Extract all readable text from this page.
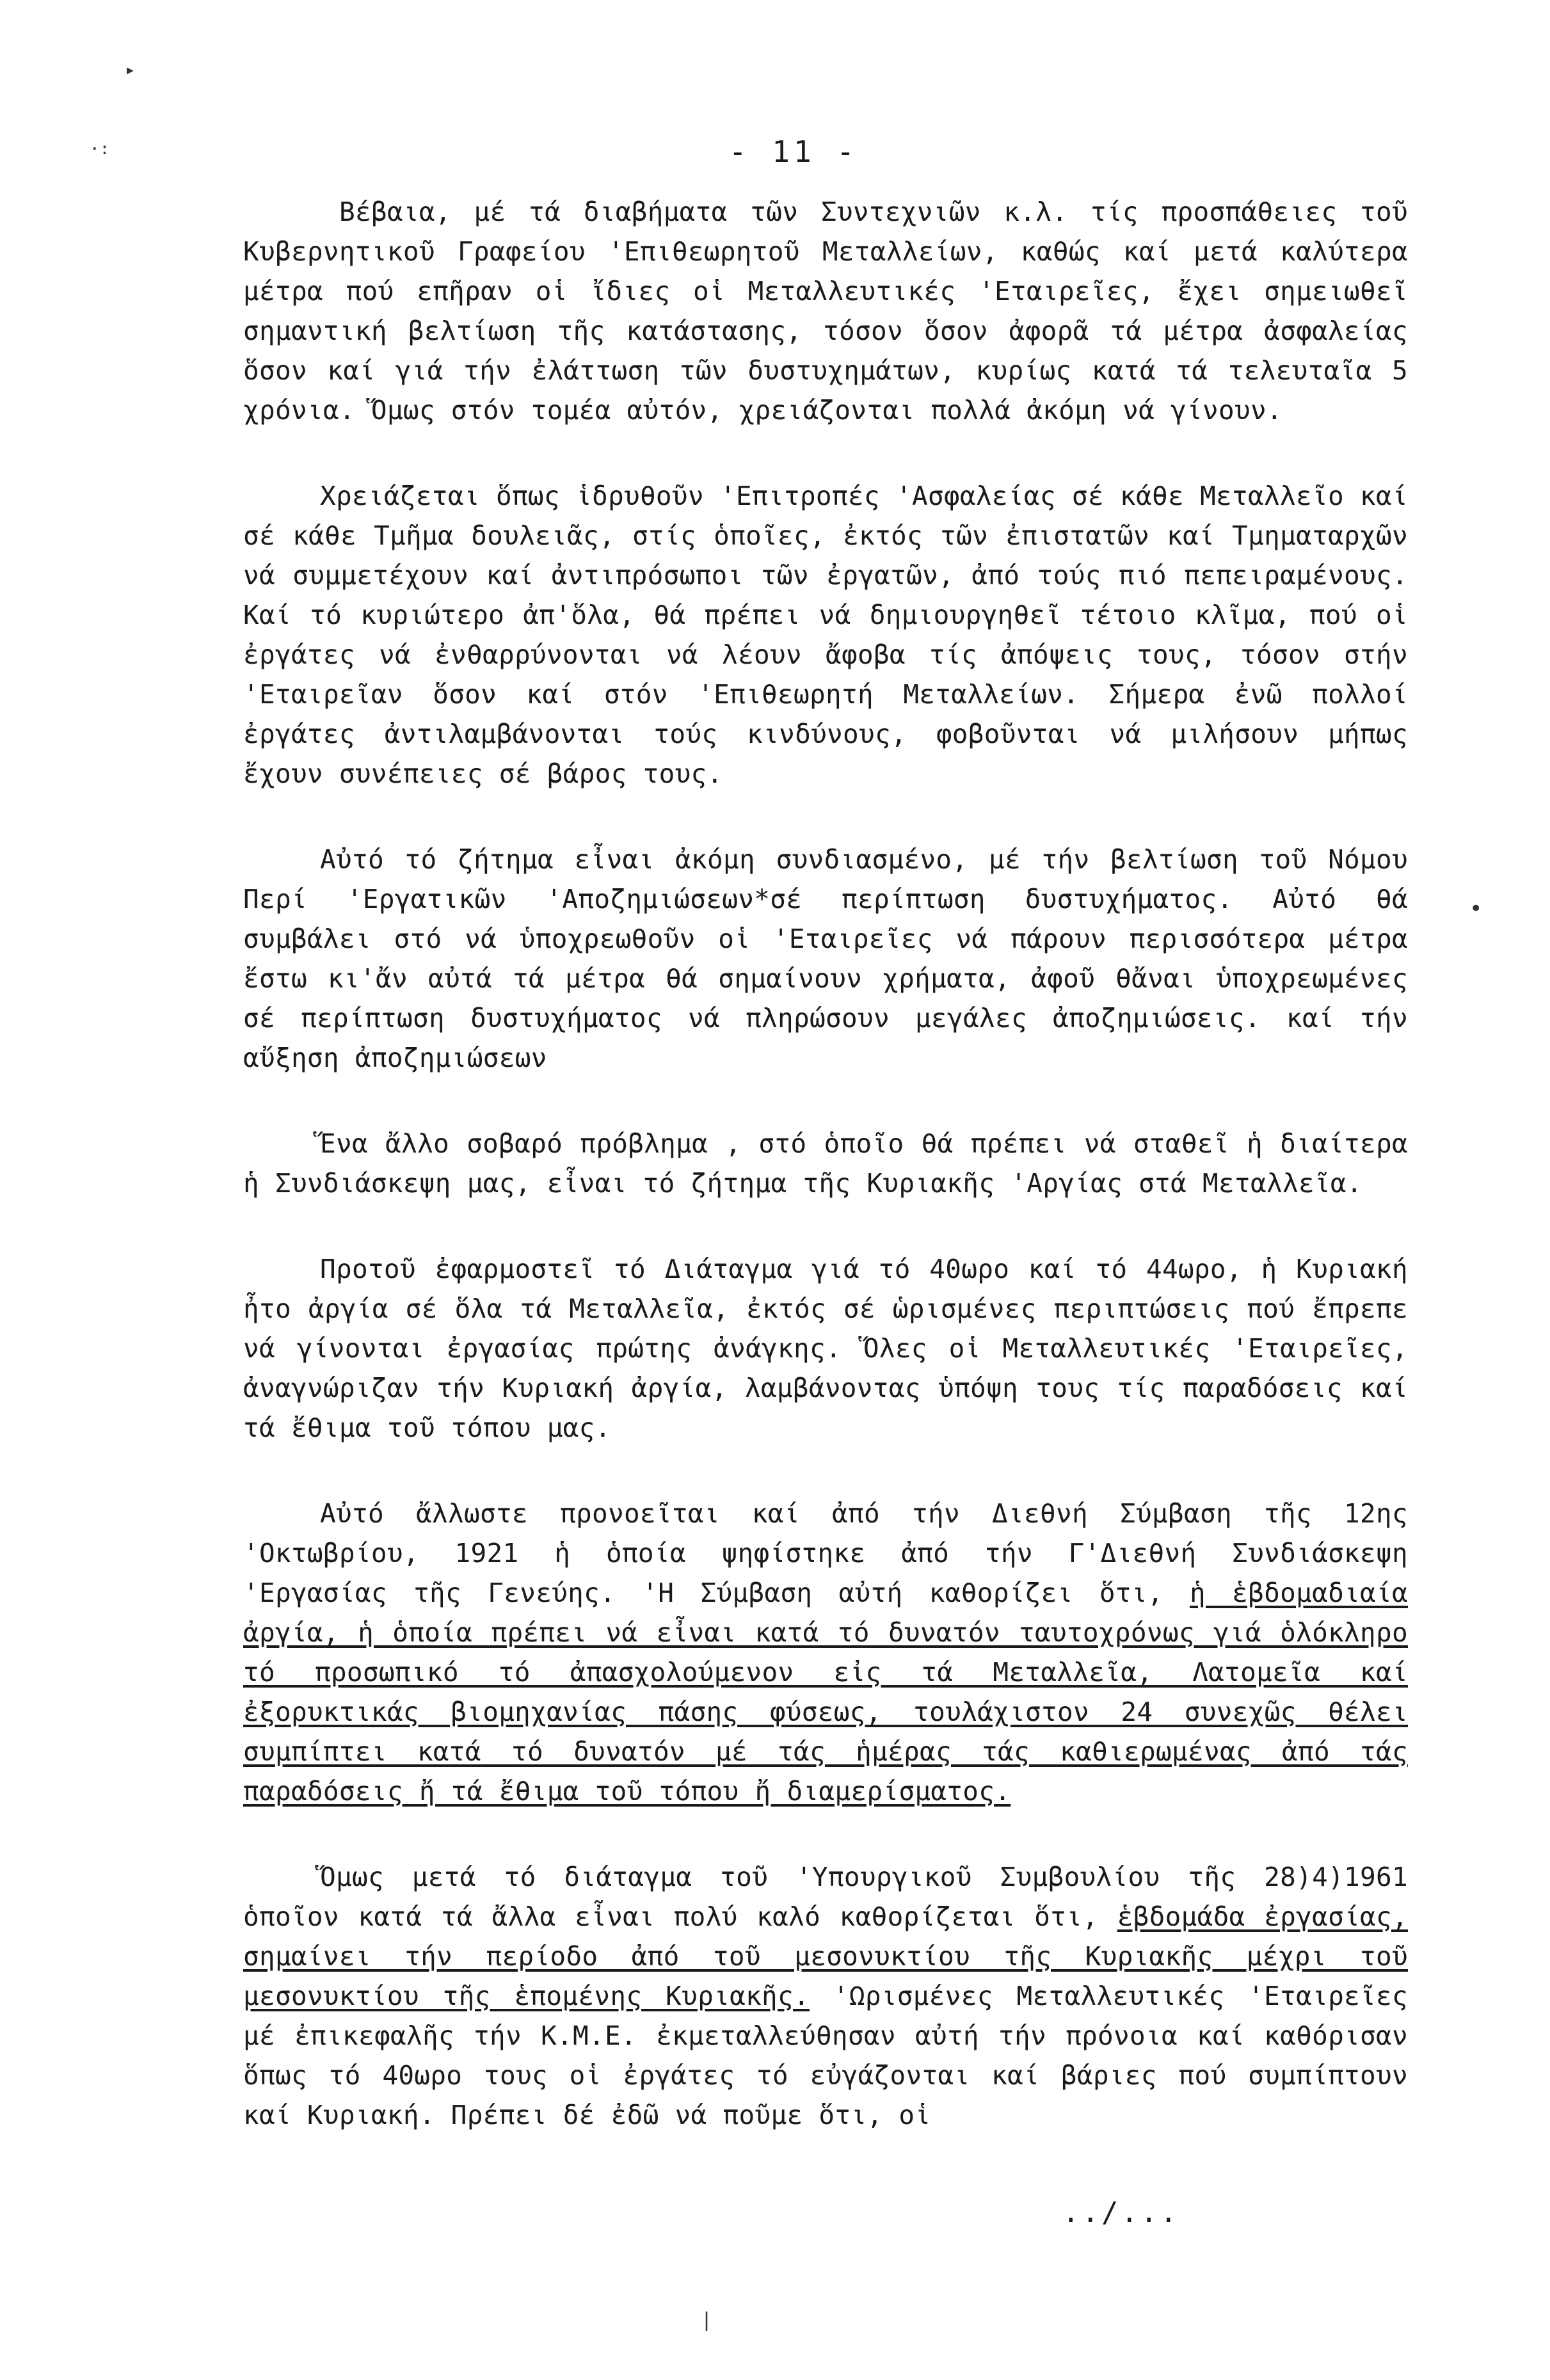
▸
·:
•
|
- 11 -

Βέβαια, μέ τά διαβήματα τῶν Συντεχνιῶν κ.λ. τίς προσπάθειες τοῦ Κυβερνητικοῦ Γραφείου 'Επιθεωρητοῦ Μεταλλείων, καθώς καί μετά καλύτερα μέτρα πού επῆραν οἱ ἴδιες οἱ Μεταλλευτικές 'Εταιρεῖες, ἔχει σημειωθεῖ σημαντική βελτίωση τῆς κατάστασης, τόσον ὅσον ἀφορᾶ τά μέτρα ἀσφαλείας ὅσον καί γιά τήν ἐλάττωση τῶν δυστυχημάτων, κυρίως κατά τά τελευταῖα 5 χρόνια. Ὅμως στόν τομέα αὐτόν, χρειάζονται πολλά ἀκόμη νά γίνουν.

Χρειάζεται ὅπως ἱδρυθοῦν 'Επιτροπές 'Ασφαλείας σέ κάθε Μεταλλεῖο καί σέ κάθε Τμῆμα δουλειᾶς, στίς ὁποῖες, ἐκτός τῶν ἐπιστατῶν καί Τμηματαρχῶν νά συμμετέχουν καί ἀντιπρόσωποι τῶν ἐργατῶν, ἀπό τούς πιό πεπειραμένους. Καί τό κυριώτερο ἀπ'ὅλα, θά πρέπει νά δημιουργηθεῖ τέτοιο κλῖμα, πού οἱ ἐργάτες νά ἐνθαρρύνονται νά λέουν ἄφοβα τίς ἀπόψεις τους, τόσον στήν 'Εταιρεῖαν ὅσον καί στόν 'Επιθεωρητή Μεταλλείων. Σήμερα ἐνῶ πολλοί ἐργάτες ἀντιλαμβάνονται τούς κινδύνους, φοβοῦνται νά μιλήσουν μήπως ἔχουν συνέπειες σέ βάρος τους.

Αὐτό τό ζήτημα εἶναι ἀκόμη συνδιασμένο, μέ τήν βελτίωση τοῦ Νόμου Περί 'Εργατικῶν 'Αποζημιώσεων*σέ περίπτωση δυστυχήματος. Αὐτό θά συμβάλει στό νά ὑποχρεωθοῦν οἱ 'Εταιρεῖες νά πάρουν περισσότερα μέτρα ἔστω κι'ἄν αὐτά τά μέτρα θά σημαίνουν χρήματα, ἀφοῦ θἄναι ὑποχρεωμένες σέ περίπτωση δυστυχήματος νά πληρώσουν μεγάλες ἀποζημιώσεις. καί τήν αὔξηση ἀποζημιώσεων

Ἕνα ἄλλο σοβαρό πρόβλημα , στό ὁποῖο θά πρέπει νά σταθεῖ ἡ διαίτερα ἡ Συνδιάσκεψη μας, εἶναι τό ζήτημα τῆς Κυριακῆς 'Αργίας στά Μεταλλεῖα.

Προτοῦ ἐφαρμοστεῖ τό Διάταγμα γιά τό 40ωρο καί τό 44ωρο, ἡ Κυριακή ἦτο ἀργία σέ ὅλα τά Μεταλλεῖα, ἐκτός σέ ὡρισμένες περιπτώσεις πού ἔπρεπε νά γίνονται ἐργασίας πρώτης ἀνάγκης. Ὅλες οἱ Μεταλλευτικές 'Εταιρεῖες, ἀναγνώριζαν τήν Κυριακή ἀργία, λαμβάνοντας ὑπόψη τους τίς παραδόσεις καί τά ἔθιμα τοῦ τόπου μας.

Αὐτό ἄλλωστε προνοεῖται καί ἀπό τήν Διεθνή Σύμβαση τῆς 12ης 'Οκτωβρίου, 1921 ἡ ὁποία ψηφίστηκε ἀπό τήν Γ'Διεθνή Συνδιάσκεψη 'Εργασίας τῆς Γενεύης. 'Η Σύμβαση αὐτή καθορίζει ὅτι, ἡ ἑβδομαδιαία ἀργία, ἡ ὁποία πρέπει νά εἶναι κατά τό δυνατόν ταυτοχρόνως γιά ὁλόκληρο τό προσωπικό τό ἀπασχολούμενον εἰς τά Μεταλλεῖα, Λατομεῖα καί ἐξορυκτικάς βιομηχανίας πάσης φύσεως, τουλάχιστον 24 συνεχῶς θέλει συμπίπτει κατά τό δυνατόν μέ τάς ἡμέρας τάς καθιερωμένας ἀπό τάς παραδόσεις ἤ τά ἔθιμα τοῦ τόπου ἤ διαμερίσματος.

Ὅμως μετά τό διάταγμα τοῦ 'Υπουργικοῦ Συμβουλίου τῆς 28)4)1961 ὁποῖον κατά τά ἄλλα εἶναι πολύ καλό καθορίζεται ὅτι, ἑβδομάδα ἐργασίας, σημαίνει τήν περίοδο ἀπό τοῦ μεσονυκτίου τῆς Κυριακῆς μέχρι τοῦ μεσονυκτίου τῆς ἑπομένης Κυριακῆς. 'Ωρισμένες Μεταλλευτικές 'Εταιρεῖες μέ ἐπικεφαλῆς τήν Κ.Μ.Ε. ἐκμεταλλεύθησαν αὐτή τήν πρόνοια καί καθόρισαν ὅπως τό 40ωρο τους οἱ ἐργάτες τό εὐγάζονται καί βάριες πού συμπίπτουν καί Κυριακή. Πρέπει δέ ἐδῶ νά ποῦμε ὅτι, οἱ

../...
